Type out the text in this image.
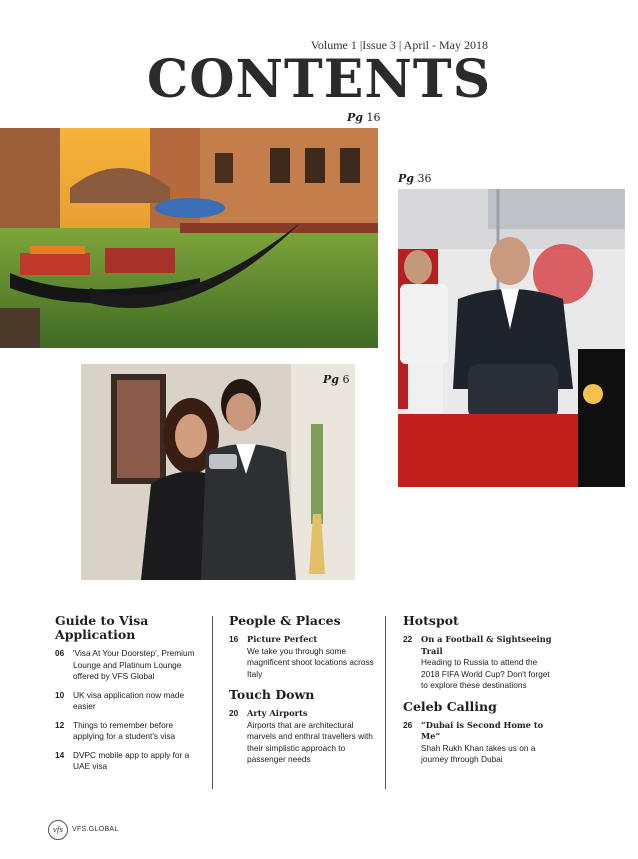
Volume 1 |Issue 3 | April - May 2018
CONTENTS
Pg 16
Pg 36
Pg 6
Guide to Visa Application
06	'Visa At Your Doorstep', Premium Lounge and Platinum Lounge offered by VFS Global
10	UK visa application now made easier
12	Things to remember before applying for a student's visa
14	DVPC mobile app to apply for a UAE visa
People & Places
16	Picture Perfect
We take you through some magnificent shoot locations across Italy
Touch Down
20	Arty Airports
Airports that are architectural marvels and enthral travellers with their simplistic approach to passenger needs
Hotspot
22	On a Football & Sightseeing Trail
Heading to Russia to attend the 2018 FIFA World Cup? Don't forget to explore these destinations
Celeb Calling
26	“Dubai is Second Home to Me”
Shah Rukh Khan takes us on a journey through Dubai
vfs	VFS.GLOBAL
